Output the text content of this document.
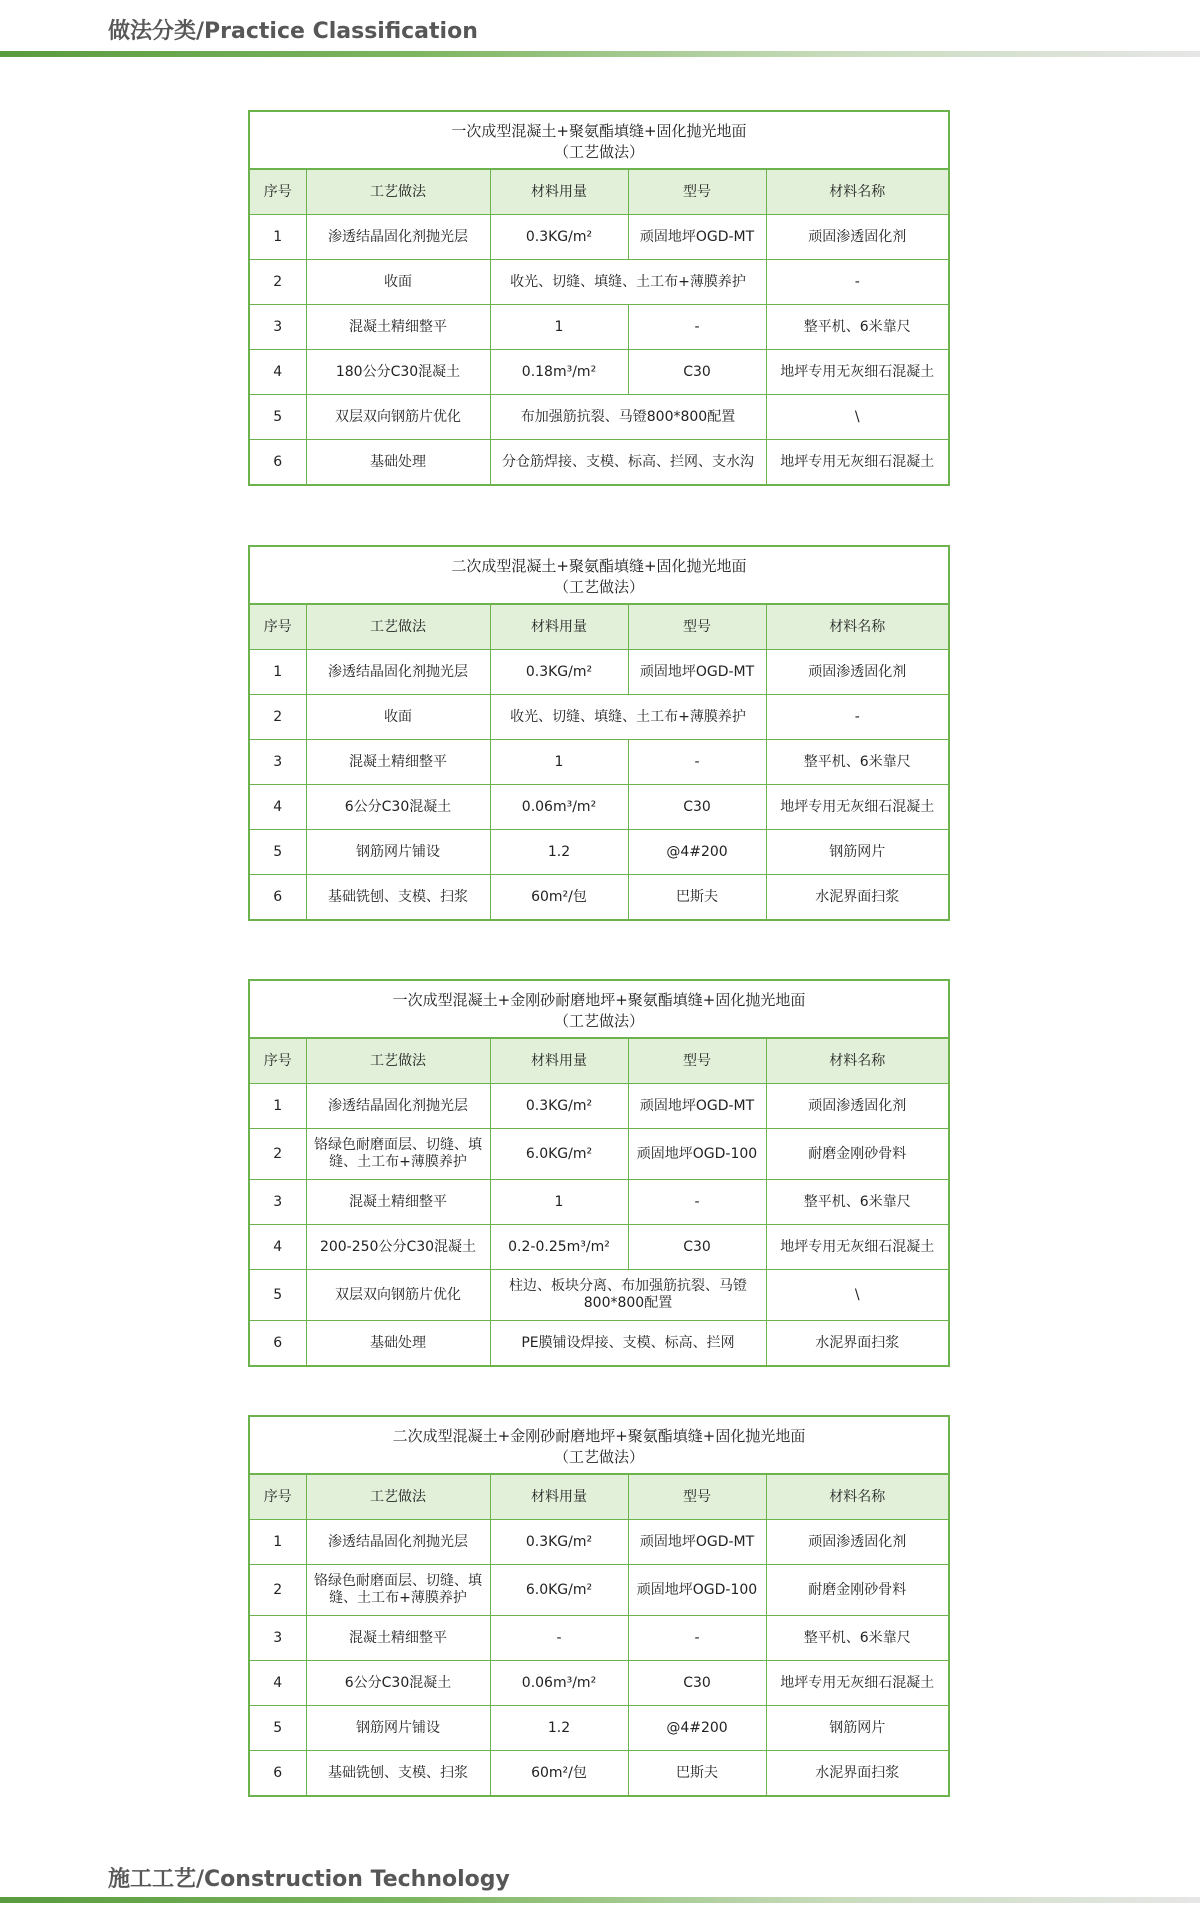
做法分类/Practice Classification
一次成型混凝土+聚氨酯填缝+固化抛光地面
（工艺做法）
序号	工艺做法	材料用量	型号	材料名称
1	渗透结晶固化剂抛光层	0.3KG/m²	顽固地坪OGD-MT	顽固渗透固化剂
2	收面	收光、切缝、填缝、土工布+薄膜养护		-
3	混凝土精细整平	1	-	整平机、6米靠尺
4	180公分C30混凝土	0.18m³/m²	C30	地坪专用无灰细石混凝土
5	双层双向钢筋片优化	布加强筋抗裂、马镫800*800配置		\
6	基础处理	分仓筋焊接、支模、标高、拦网、支水沟		地坪专用无灰细石混凝土
二次成型混凝土+聚氨酯填缝+固化抛光地面
（工艺做法）
序号	工艺做法	材料用量	型号	材料名称
1	渗透结晶固化剂抛光层	0.3KG/m²	顽固地坪OGD-MT	顽固渗透固化剂
2	收面	收光、切缝、填缝、土工布+薄膜养护		-
3	混凝土精细整平	1	-	整平机、6米靠尺
4	6公分C30混凝土	0.06m³/m²	C30	地坪专用无灰细石混凝土
5	钢筋网片铺设	1.2	@4#200	钢筋网片
6	基础铣刨、支模、扫浆	60m²/包	巴斯夫	水泥界面扫浆
一次成型混凝土+金刚砂耐磨地坪+聚氨酯填缝+固化抛光地面
（工艺做法）
序号	工艺做法	材料用量	型号	材料名称
1	渗透结晶固化剂抛光层	0.3KG/m²	顽固地坪OGD-MT	顽固渗透固化剂
2	铬绿色耐磨面层、切缝、填缝、土工布+薄膜养护	6.0KG/m²	顽固地坪OGD-100	耐磨金刚砂骨料
3	混凝土精细整平	1	-	整平机、6米靠尺
4	200-250公分C30混凝土	0.2-0.25m³/m²	C30	地坪专用无灰细石混凝土
5	双层双向钢筋片优化	柱边、板块分离、布加强筋抗裂、马镫800*800配置		\
6	基础处理	PE膜铺设焊接、支模、标高、拦网		水泥界面扫浆
二次成型混凝土+金刚砂耐磨地坪+聚氨酯填缝+固化抛光地面
（工艺做法）
序号	工艺做法	材料用量	型号	材料名称
1	渗透结晶固化剂抛光层	0.3KG/m²	顽固地坪OGD-MT	顽固渗透固化剂
2	铬绿色耐磨面层、切缝、填缝、土工布+薄膜养护	6.0KG/m²	顽固地坪OGD-100	耐磨金刚砂骨料
3	混凝土精细整平	-	-	整平机、6米靠尺
4	6公分C30混凝土	0.06m³/m²	C30	地坪专用无灰细石混凝土
5	钢筋网片铺设	1.2	@4#200	钢筋网片
6	基础铣刨、支模、扫浆	60m²/包	巴斯夫	水泥界面扫浆
施工工艺/Construction Technology
